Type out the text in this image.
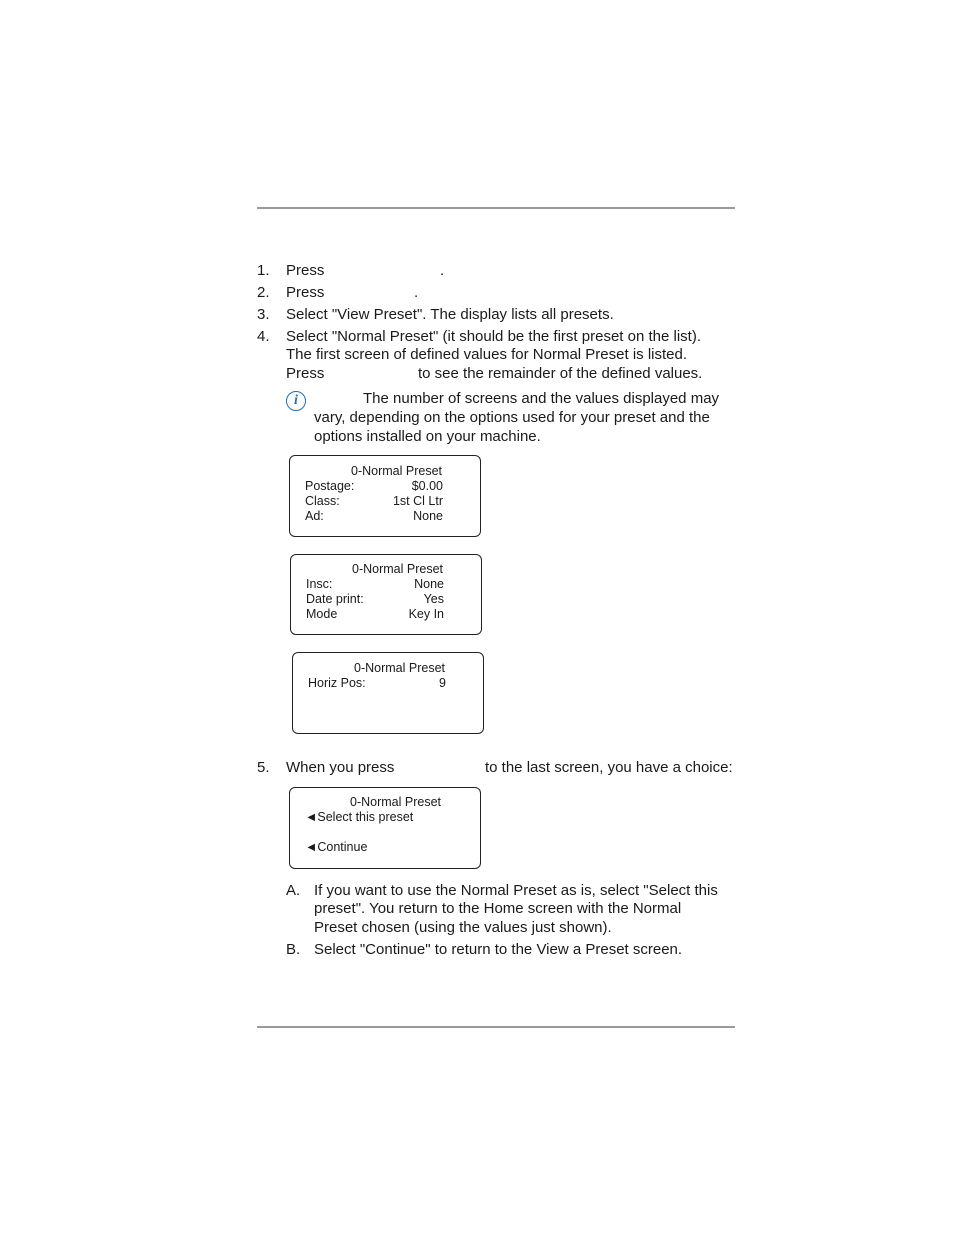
1. Press	.
2. Press	.
3. Select "View Preset". The display lists all presets.
4. Select "Normal Preset" (it should be the first preset on the list).
The first screen of defined values for Normal Preset is listed.
Press	to see the remainder of the defined values.
i	The number of screens and the values displayed may
vary, depending on the options used for your preset and the
options installed on your machine.
0-Normal Preset
Postage:	$0.00
Class:	1st Cl Ltr
Ad:	None
0-Normal Preset
Insc:	None
Date print:	Yes
Mode	Key In
0-Normal Preset
Horiz Pos:	9
5. When you press	to the last screen, you have a choice:
0-Normal Preset
◄Select this preset
◄Continue
A. If you want to use the Normal Preset as is, select "Select this
preset". You return to the Home screen with the Normal
Preset chosen (using the values just shown).
B. Select "Continue" to return to the View a Preset screen.
